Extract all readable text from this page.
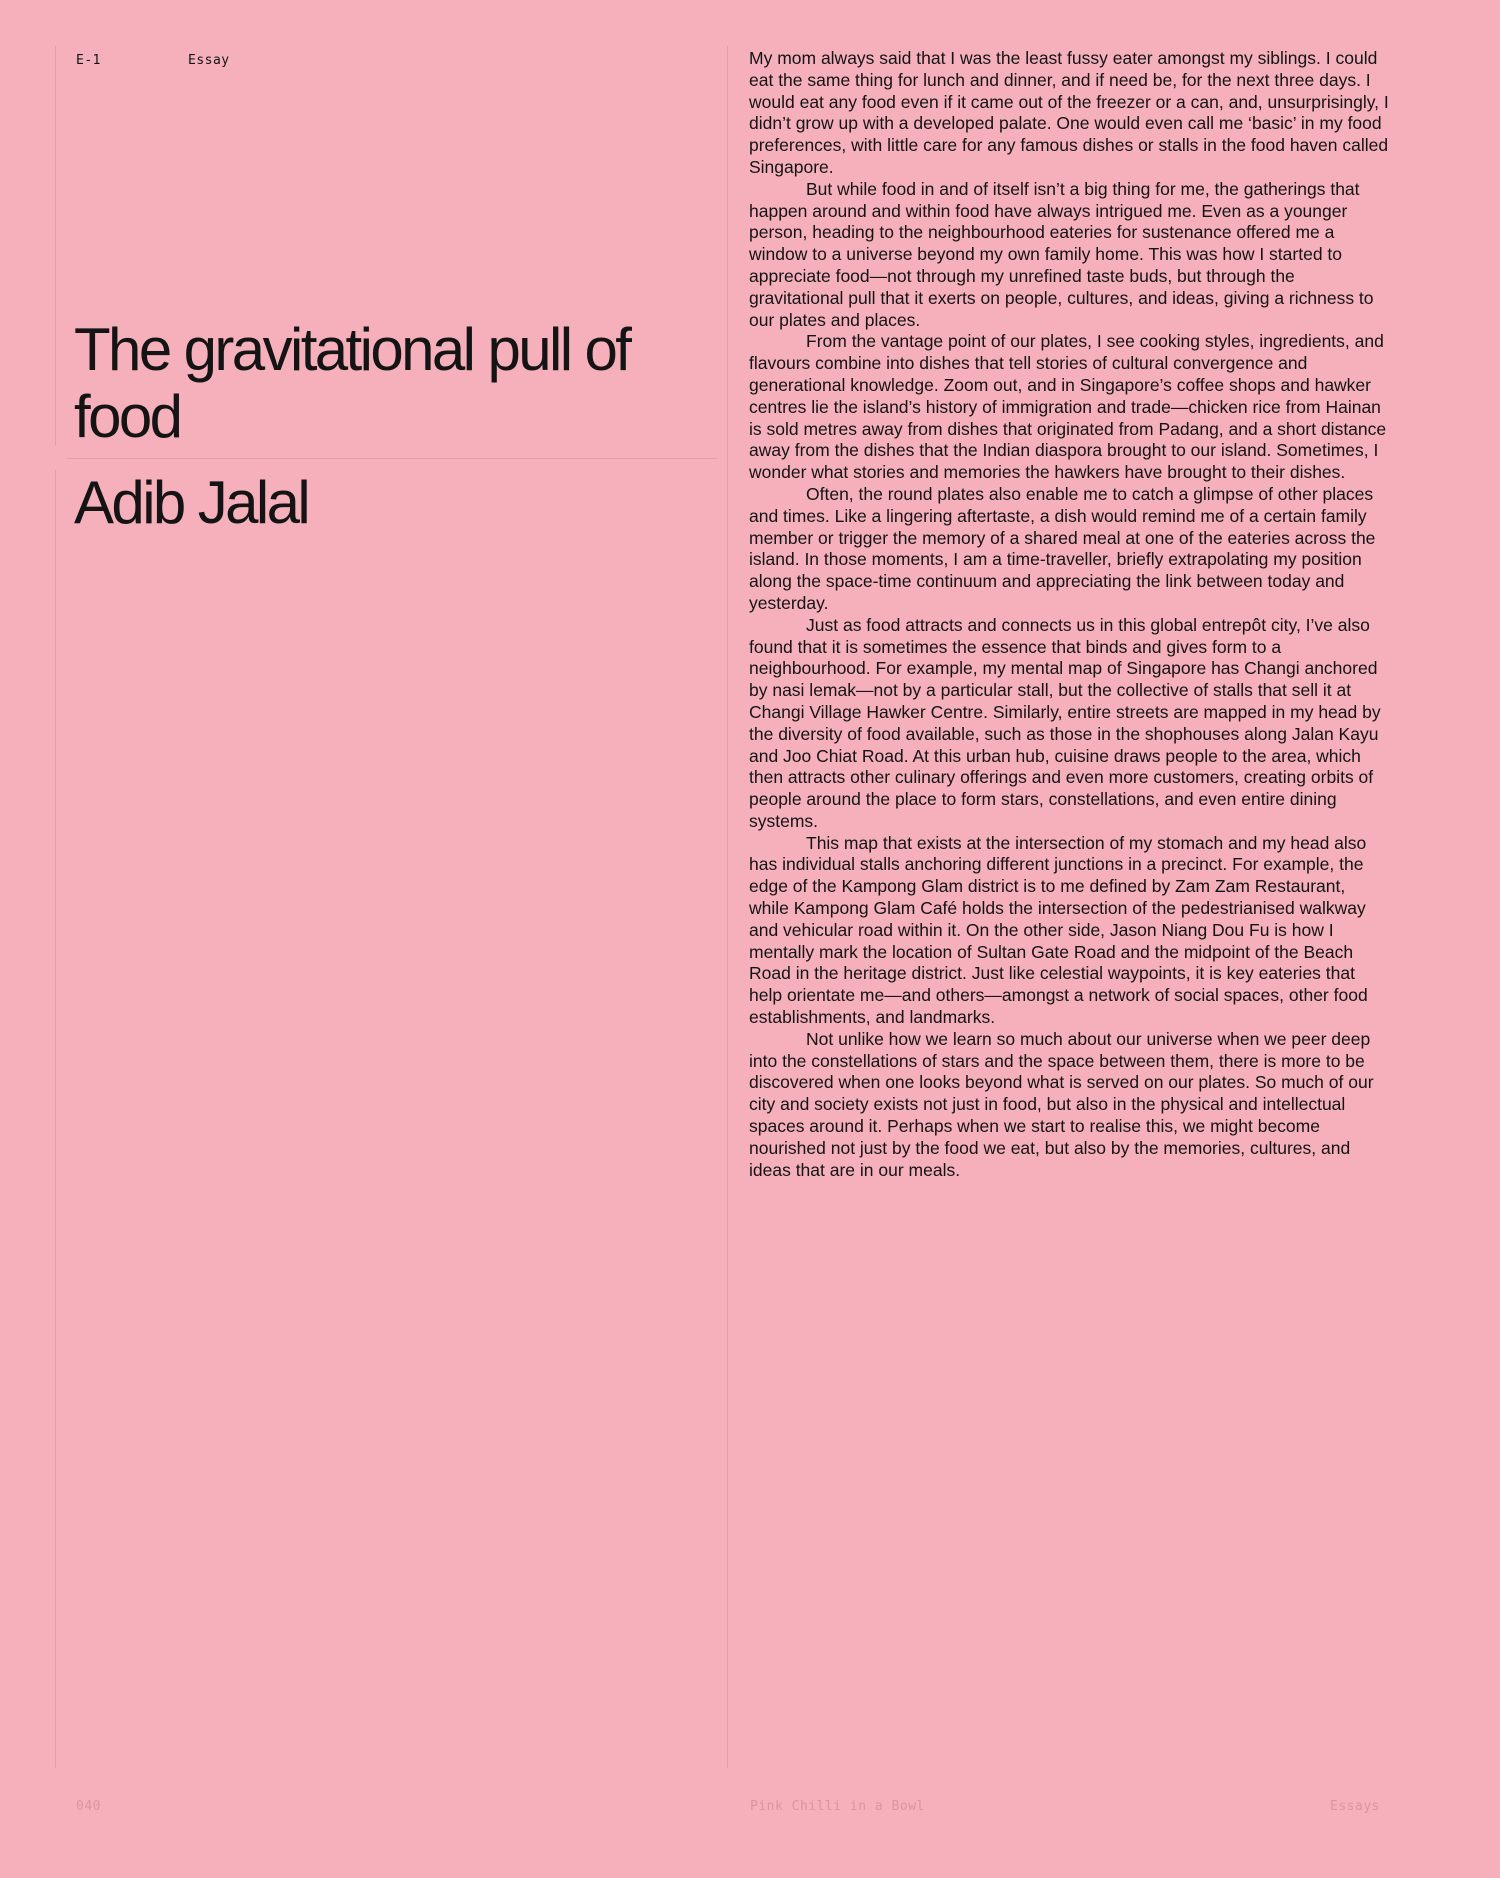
E-1	Essay
The gravitational pull of food
Adib Jalal

My mom always said that I was the least fussy eater amongst my siblings. I could eat the same thing for lunch and dinner, and if need be, for the next three days. I would eat any food even if it came out of the freezer or a can, and, unsurprisingly, I didn’t grow up with a developed palate. One would even call me ‘basic’ in my food preferences, with little care for any famous dishes or stalls in the food haven called Singapore.

But while food in and of itself isn’t a big thing for me, the gatherings that happen around and within food have always intrigued me. Even as a younger person, heading to the neighbourhood eateries for sustenance offered me a window to a universe beyond my own family home. This was how I started to appreciate food—not through my unrefined taste buds, but through the gravitational pull that it exerts on people, cultures, and ideas, giving a richness to our plates and places.

From the vantage point of our plates, I see cooking styles, ingredients, and flavours combine into dishes that tell stories of cultural convergence and generational knowledge. Zoom out, and in Singapore’s coffee shops and hawker centres lie the island’s history of immigration and trade—chicken rice from Hainan is sold metres away from dishes that originated from Padang, and a short distance away from the dishes that the Indian diaspora brought to our island. Sometimes, I wonder what stories and memories the hawkers have brought to their dishes.

Often, the round plates also enable me to catch a glimpse of other places and times. Like a lingering aftertaste, a dish would remind me of a certain family member or trigger the memory of a shared meal at one of the eateries across the island. In those moments, I am a time-traveller, briefly extrapolating my position along the space-time continuum and appreciating the link between today and yesterday.

Just as food attracts and connects us in this global entrepôt city, I’ve also found that it is sometimes the essence that binds and gives form to a neighbourhood. For example, my mental map of Singapore has Changi anchored by nasi lemak—not by a particular stall, but the collective of stalls that sell it at Changi Village Hawker Centre. Similarly, entire streets are mapped in my head by the diversity of food available, such as those in the shophouses along Jalan Kayu and Joo Chiat Road. At this urban hub, cuisine draws people to the area, which then attracts other culinary offerings and even more customers, creating orbits of people around the place to form stars, constellations, and even entire dining systems.

This map that exists at the intersection of my stomach and my head also has individual stalls anchoring different junctions in a precinct. For example, the edge of the Kampong Glam district is to me defined by Zam Zam Restaurant, while Kampong Glam Café holds the intersection of the pedestrianised walkway and vehicular road within it. On the other side, Jason Niang Dou Fu is how I mentally mark the location of Sultan Gate Road and the midpoint of the Beach Road in the heritage district. Just like celestial waypoints, it is key eateries that help orientate me—and others—amongst a network of social spaces, other food establishments, and landmarks.

Not unlike how we learn so much about our universe when we peer deep into the constellations of stars and the space between them, there is more to be discovered when one looks beyond what is served on our plates. So much of our city and society exists not just in food, but also in the physical and intellectual spaces around it. Perhaps when we start to realise this, we might become nourished not just by the food we eat, but also by the memories, cultures, and ideas that are in our meals.

040	Pink Chilli in a Bowl	Essays
